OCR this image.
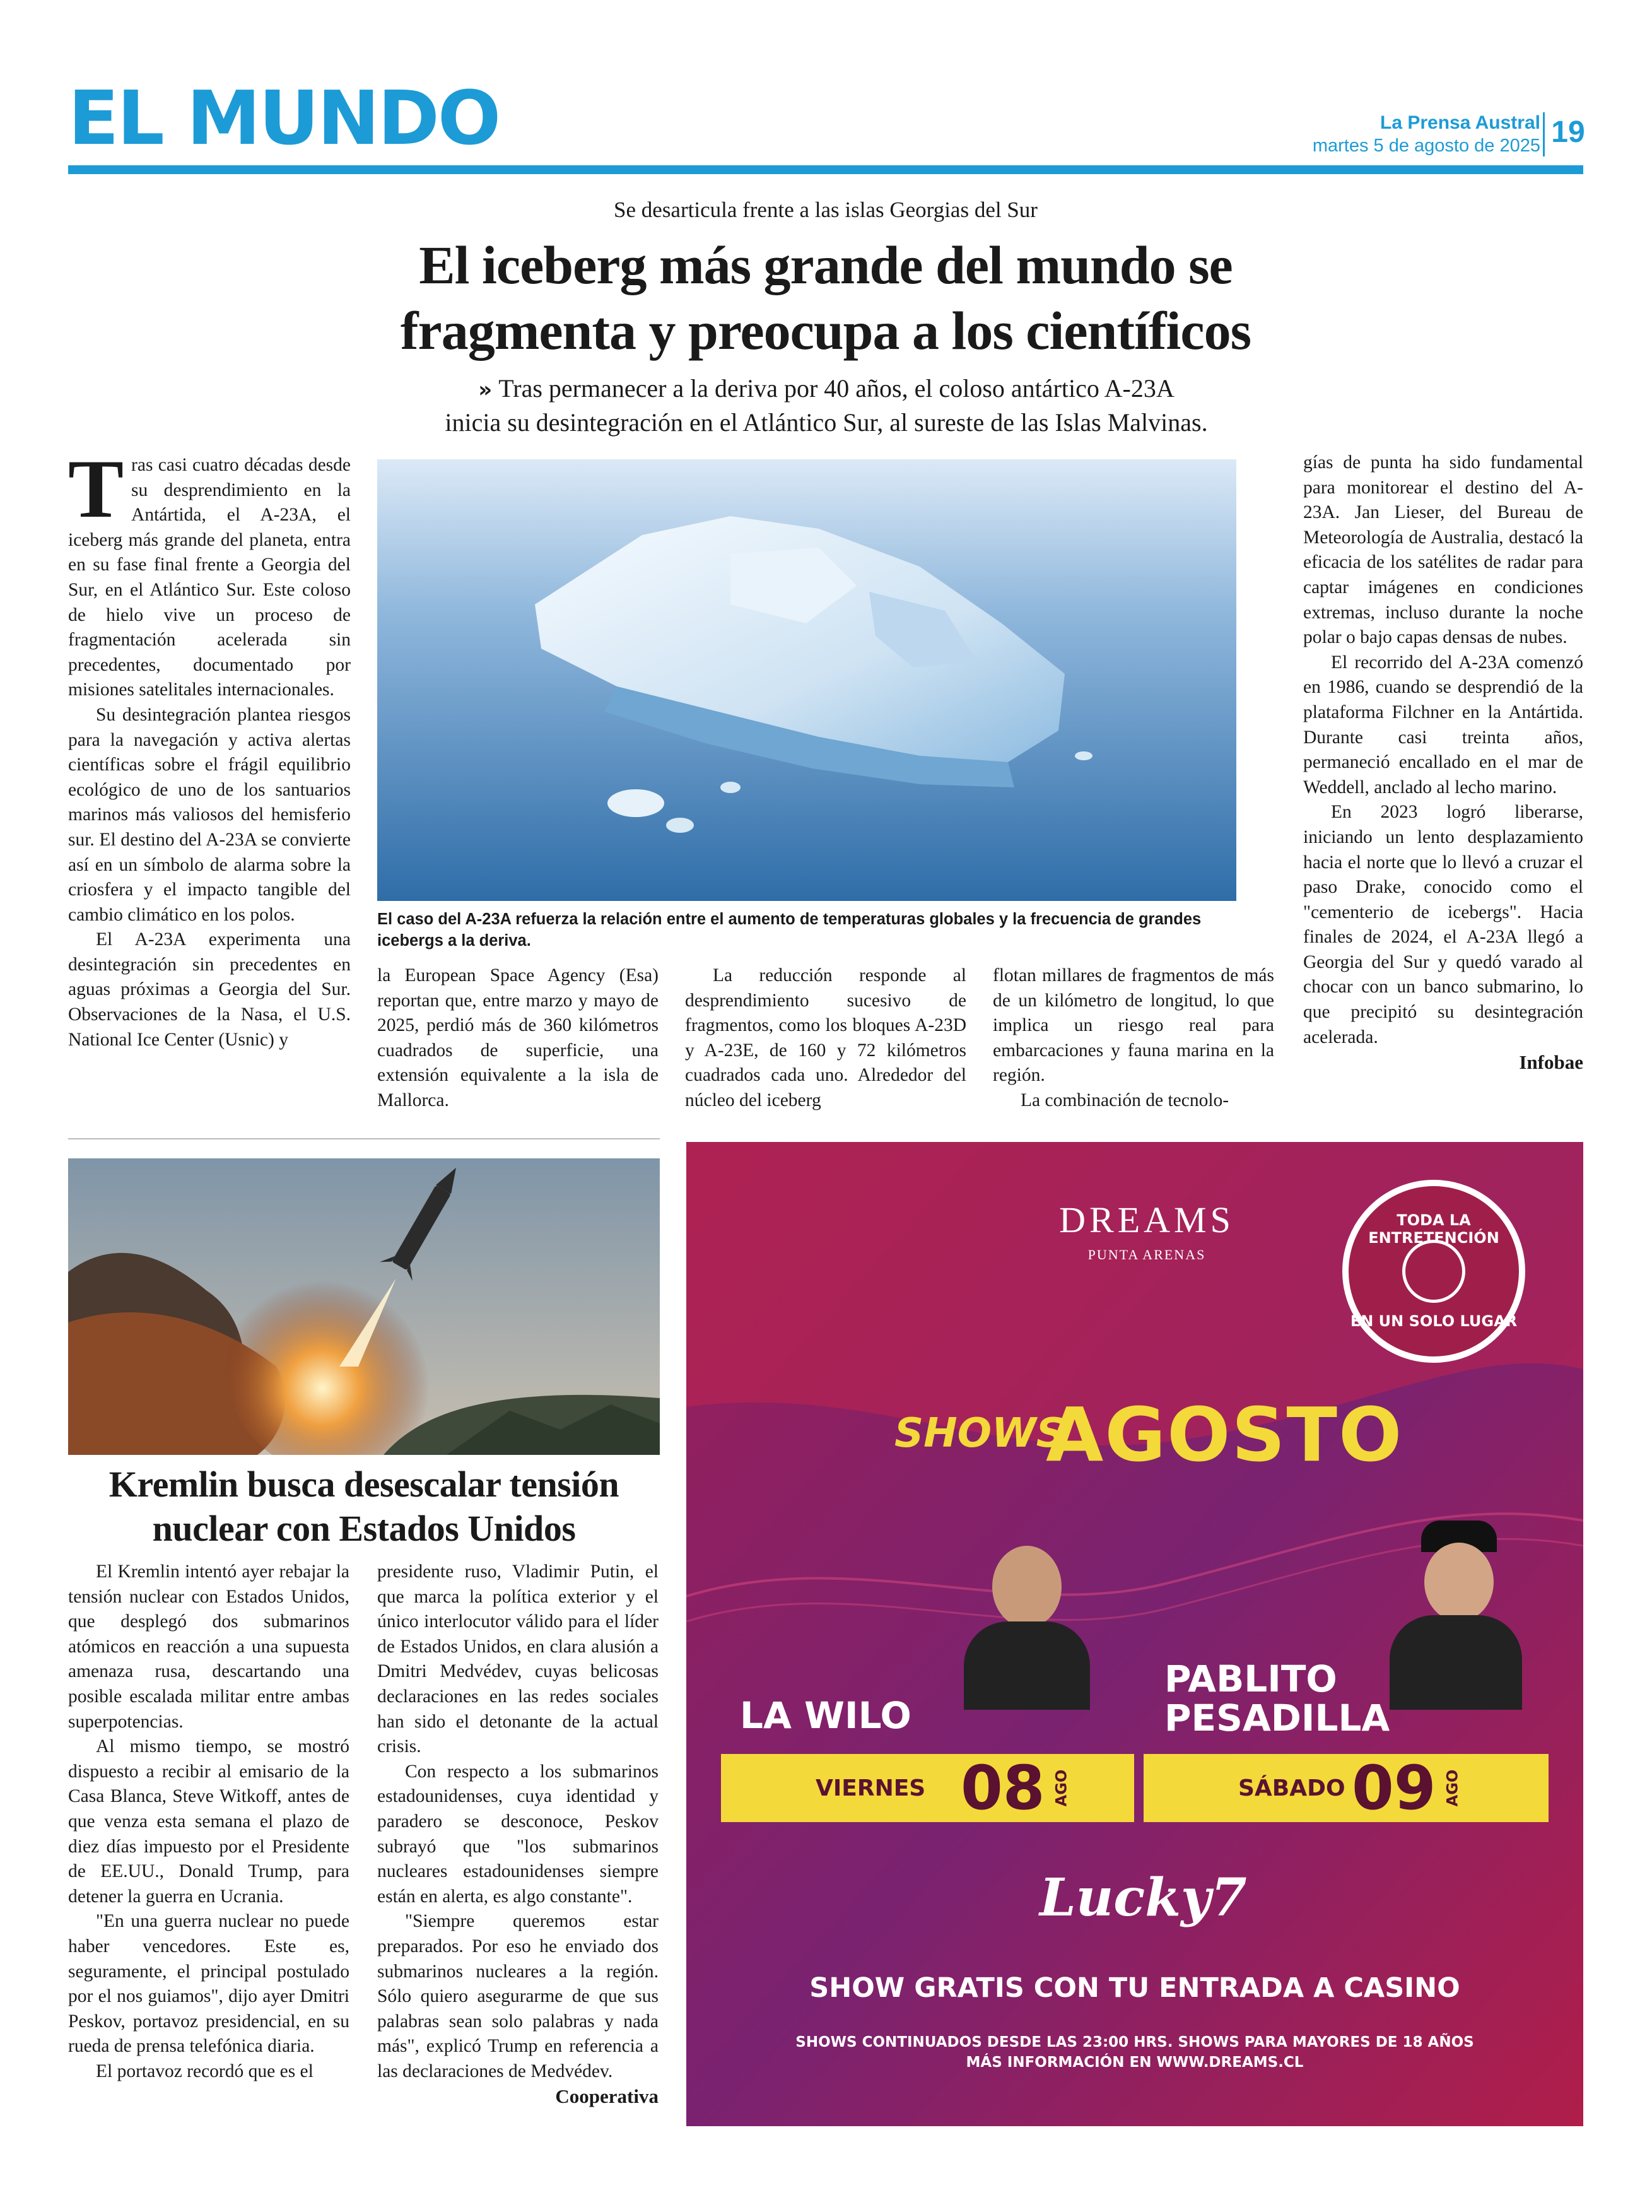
EL MUNDO	La Prensa Austral
martes 5 de agosto de 2025 19
Se desarticula frente a las islas Georgias del Sur
El iceberg más grande del mundo se
fragmenta y preocupa a los científicos
» Tras permanecer a la deriva por 40 años, el coloso antártico A-23A
inicia su desintegración en el Atlántico Sur, al sureste de las Islas Malvinas.

Tras casi cuatro décadas desde su desprendimiento en la Antártida, el A-23A, el iceberg más grande del planeta, entra en su fase final frente a Georgia del Sur, en el Atlántico Sur. Este coloso de hielo vive un proceso de fragmentación acelerada sin precedentes, documentado por misiones satelitales internacionales.

Su desintegración plantea riesgos para la navegación y activa alertas científicas sobre el frágil equilibrio ecológico de uno de los santuarios marinos más valiosos del hemisferio sur. El destino del A-23A se convierte así en un símbolo de alarma sobre la criosfera y el impacto tangible del cambio climático en los polos.

El A-23A experimenta una desintegración sin precedentes en aguas próximas a Georgia del Sur. Observaciones de la Nasa, el U.S. National Ice Center (Usnic) y

El caso del A-23A refuerza la relación entre el aumento de temperaturas globales y la frecuencia de grandes icebergs a la deriva.

la European Space Agency (Esa) reportan que, entre marzo y mayo de 2025, perdió más de 360 kilómetros cuadrados de superficie, una extensión equivalente a la isla de Mallorca.

La reducción responde al desprendimiento sucesivo de fragmentos, como los bloques A-23D y A-23E, de 160 y 72 kilómetros cuadrados cada uno. Alrededor del núcleo del iceberg

flotan millares de fragmentos de más de un kilómetro de longitud, lo que implica un riesgo real para embarcaciones y fauna marina en la región.

La combinación de tecnolo-

gías de punta ha sido fundamental para monitorear el destino del A-23A. Jan Lieser, del Bureau de Meteorología de Australia, destacó la eficacia de los satélites de radar para captar imágenes en condiciones extremas, incluso durante la noche polar o bajo capas densas de nubes.

El recorrido del A-23A comenzó en 1986, cuando se desprendió de la plataforma Filchner en la Antártida. Durante casi treinta años, permaneció encallado en el mar de Weddell, anclado al lecho marino.

En 2023 logró liberarse, iniciando un lento desplazamiento hacia el norte que lo llevó a cruzar el paso Drake, conocido como el "cementerio de icebergs". Hacia finales de 2024, el A-23A llegó a Georgia del Sur y quedó varado al chocar con un banco submarino, lo que precipitó su desintegración acelerada.

Infobae
Kremlin busca desescalar tensión
nuclear con Estados Unidos

El Kremlin intentó ayer rebajar la tensión nuclear con Estados Unidos, que desplegó dos submarinos atómicos en reacción a una supuesta amenaza rusa, descartando una posible escalada militar entre ambas superpotencias.

Al mismo tiempo, se mostró dispuesto a recibir al emisario de la Casa Blanca, Steve Witkoff, antes de que venza esta semana el plazo de diez días impuesto por el Presidente de EE.UU., Donald Trump, para detener la guerra en Ucrania.

"En una guerra nuclear no puede haber vencedores. Este es, seguramente, el principal postulado por el nos guiamos", dijo ayer Dmitri Peskov, portavoz presidencial, en su rueda de prensa telefónica diaria.

El portavoz recordó que es el

presidente ruso, Vladimir Putin, el que marca la política exterior y el único interlocutor válido para el líder de Estados Unidos, en clara alusión a Dmitri Medvédev, cuyas belicosas declaraciones en las redes sociales han sido el detonante de la actual crisis.

Con respecto a los submarinos estadounidenses, cuya identidad y paradero se desconoce, Peskov subrayó que "los submarinos nucleares estadounidenses siempre están en alerta, es algo constante".

"Siempre queremos estar preparados. Por eso he enviado dos submarinos nucleares a la región. Sólo quiero asegurarme de que sus palabras sean solo palabras y nada más", explicó Trump en referencia a las declaraciones de Medvédev.

Cooperativa
DREAMS
PUNTA ARENAS
TODA LA ENTRETENCIÓN
EN UN SOLO LUGAR
SHOWS
AGOSTO
LA WILO
PABLITO
PESADILLA
VIERNES 08 AGO	SÁBADO 09 AGO
Lucky7
SHOW GRATIS CON TU ENTRADA A CASINO
SHOWS CONTINUADOS DESDE LAS 23:00 HRS. SHOWS PARA MAYORES DE 18 AÑOS
MÁS INFORMACIÓN EN WWW.DREAMS.CL
